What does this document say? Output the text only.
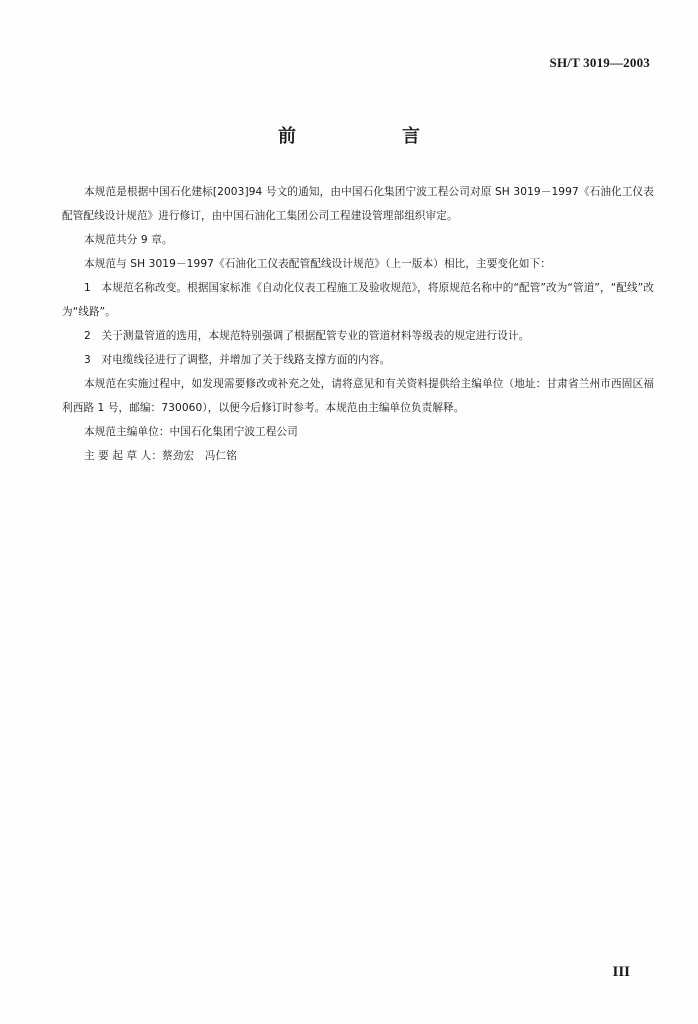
SH/T 3019—2003
前　言

本规范是根据中国石化建标[2003]94 号文的通知，由中国石化集团宁波工程公司对原 SH 3019－1997《石油化工仪表配管配线设计规范》进行修订，由中国石油化工集团公司工程建设管理部组织审定。

本规范共分 9 章。

本规范与 SH 3019－1997《石油化工仪表配管配线设计规范》（上一版本）相比，主要变化如下：

1　本规范名称改变。根据国家标准《自动化仪表工程施工及验收规范》，将原规范名称中的“配管”改为“管道”，“配线”改为“线路”。

2　关于测量管道的选用，本规范特别强调了根据配管专业的管道材料等级表的规定进行设计。

3　对电缆线径进行了调整，并增加了关于线路支撑方面的内容。

本规范在实施过程中，如发现需要修改或补充之处，请将意见和有关资料提供给主编单位（地址：甘肃省兰州市西固区福利西路 1 号，邮编：730060），以便今后修订时参考。本规范由主编单位负责解释。

本规范主编单位：中国石化集团宁波工程公司

主 要 起 草 人：蔡劲宏　冯仁铭

III
